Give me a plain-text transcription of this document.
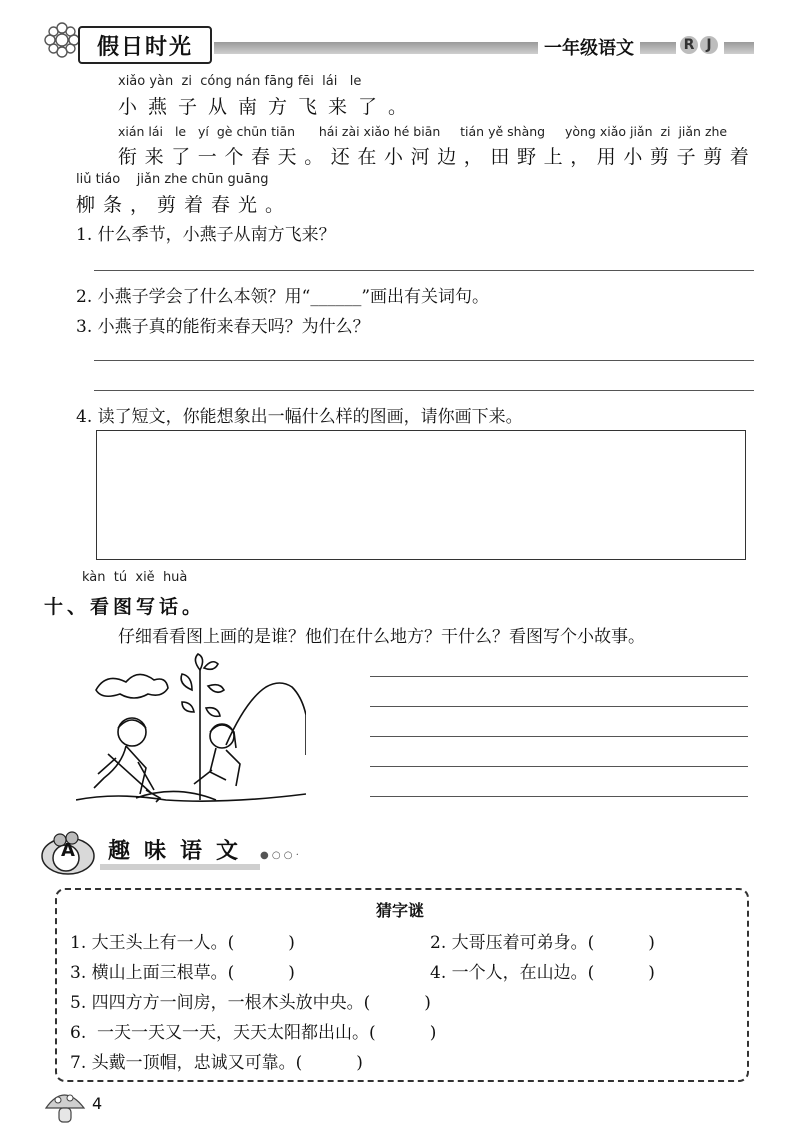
假日时光	一年级语文	R J
xiǎo yàn  zi  cóng nán fāng fēi  lái   le
小燕子从南方飞来了。
xián lái   le   yí  gè chūn tiān      hái zài xiǎo hé biān     tián yě shàng     yòng xiǎo jiǎn  zi  jiǎn zhe
衔来了一个春天。还在小河边，田野上，用小剪子剪着
liǔ tiáo    jiǎn zhe chūn guāng
柳条，剪着春光。
1. 什么季节，小燕子从南方飞来？
2. 小燕子学会了什么本领？用“______”画出有关词句。
3. 小燕子真的能衔来春天吗？为什么？
4. 读了短文，你能想象出一幅什么样的图画，请你画下来。
kàn  tú  xiě  huà
十、看图写话。
仔细看看图上画的是谁？他们在什么地方？干什么？看图写个小故事。
A 趣味语文 ● ○ ○ ·
猜字谜
1. 大王头上有一人。(          )	2. 大哥压着可弟身。(          )
3. 横山上面三根草。(          )	4. 一个人，在山边。(          )
5. 四四方方一间房，一根木头放中央。(          )
6.  一天一天又一天，天天太阳都出山。(          )
7. 头戴一顶帽，忠诚又可靠。(          )
4
